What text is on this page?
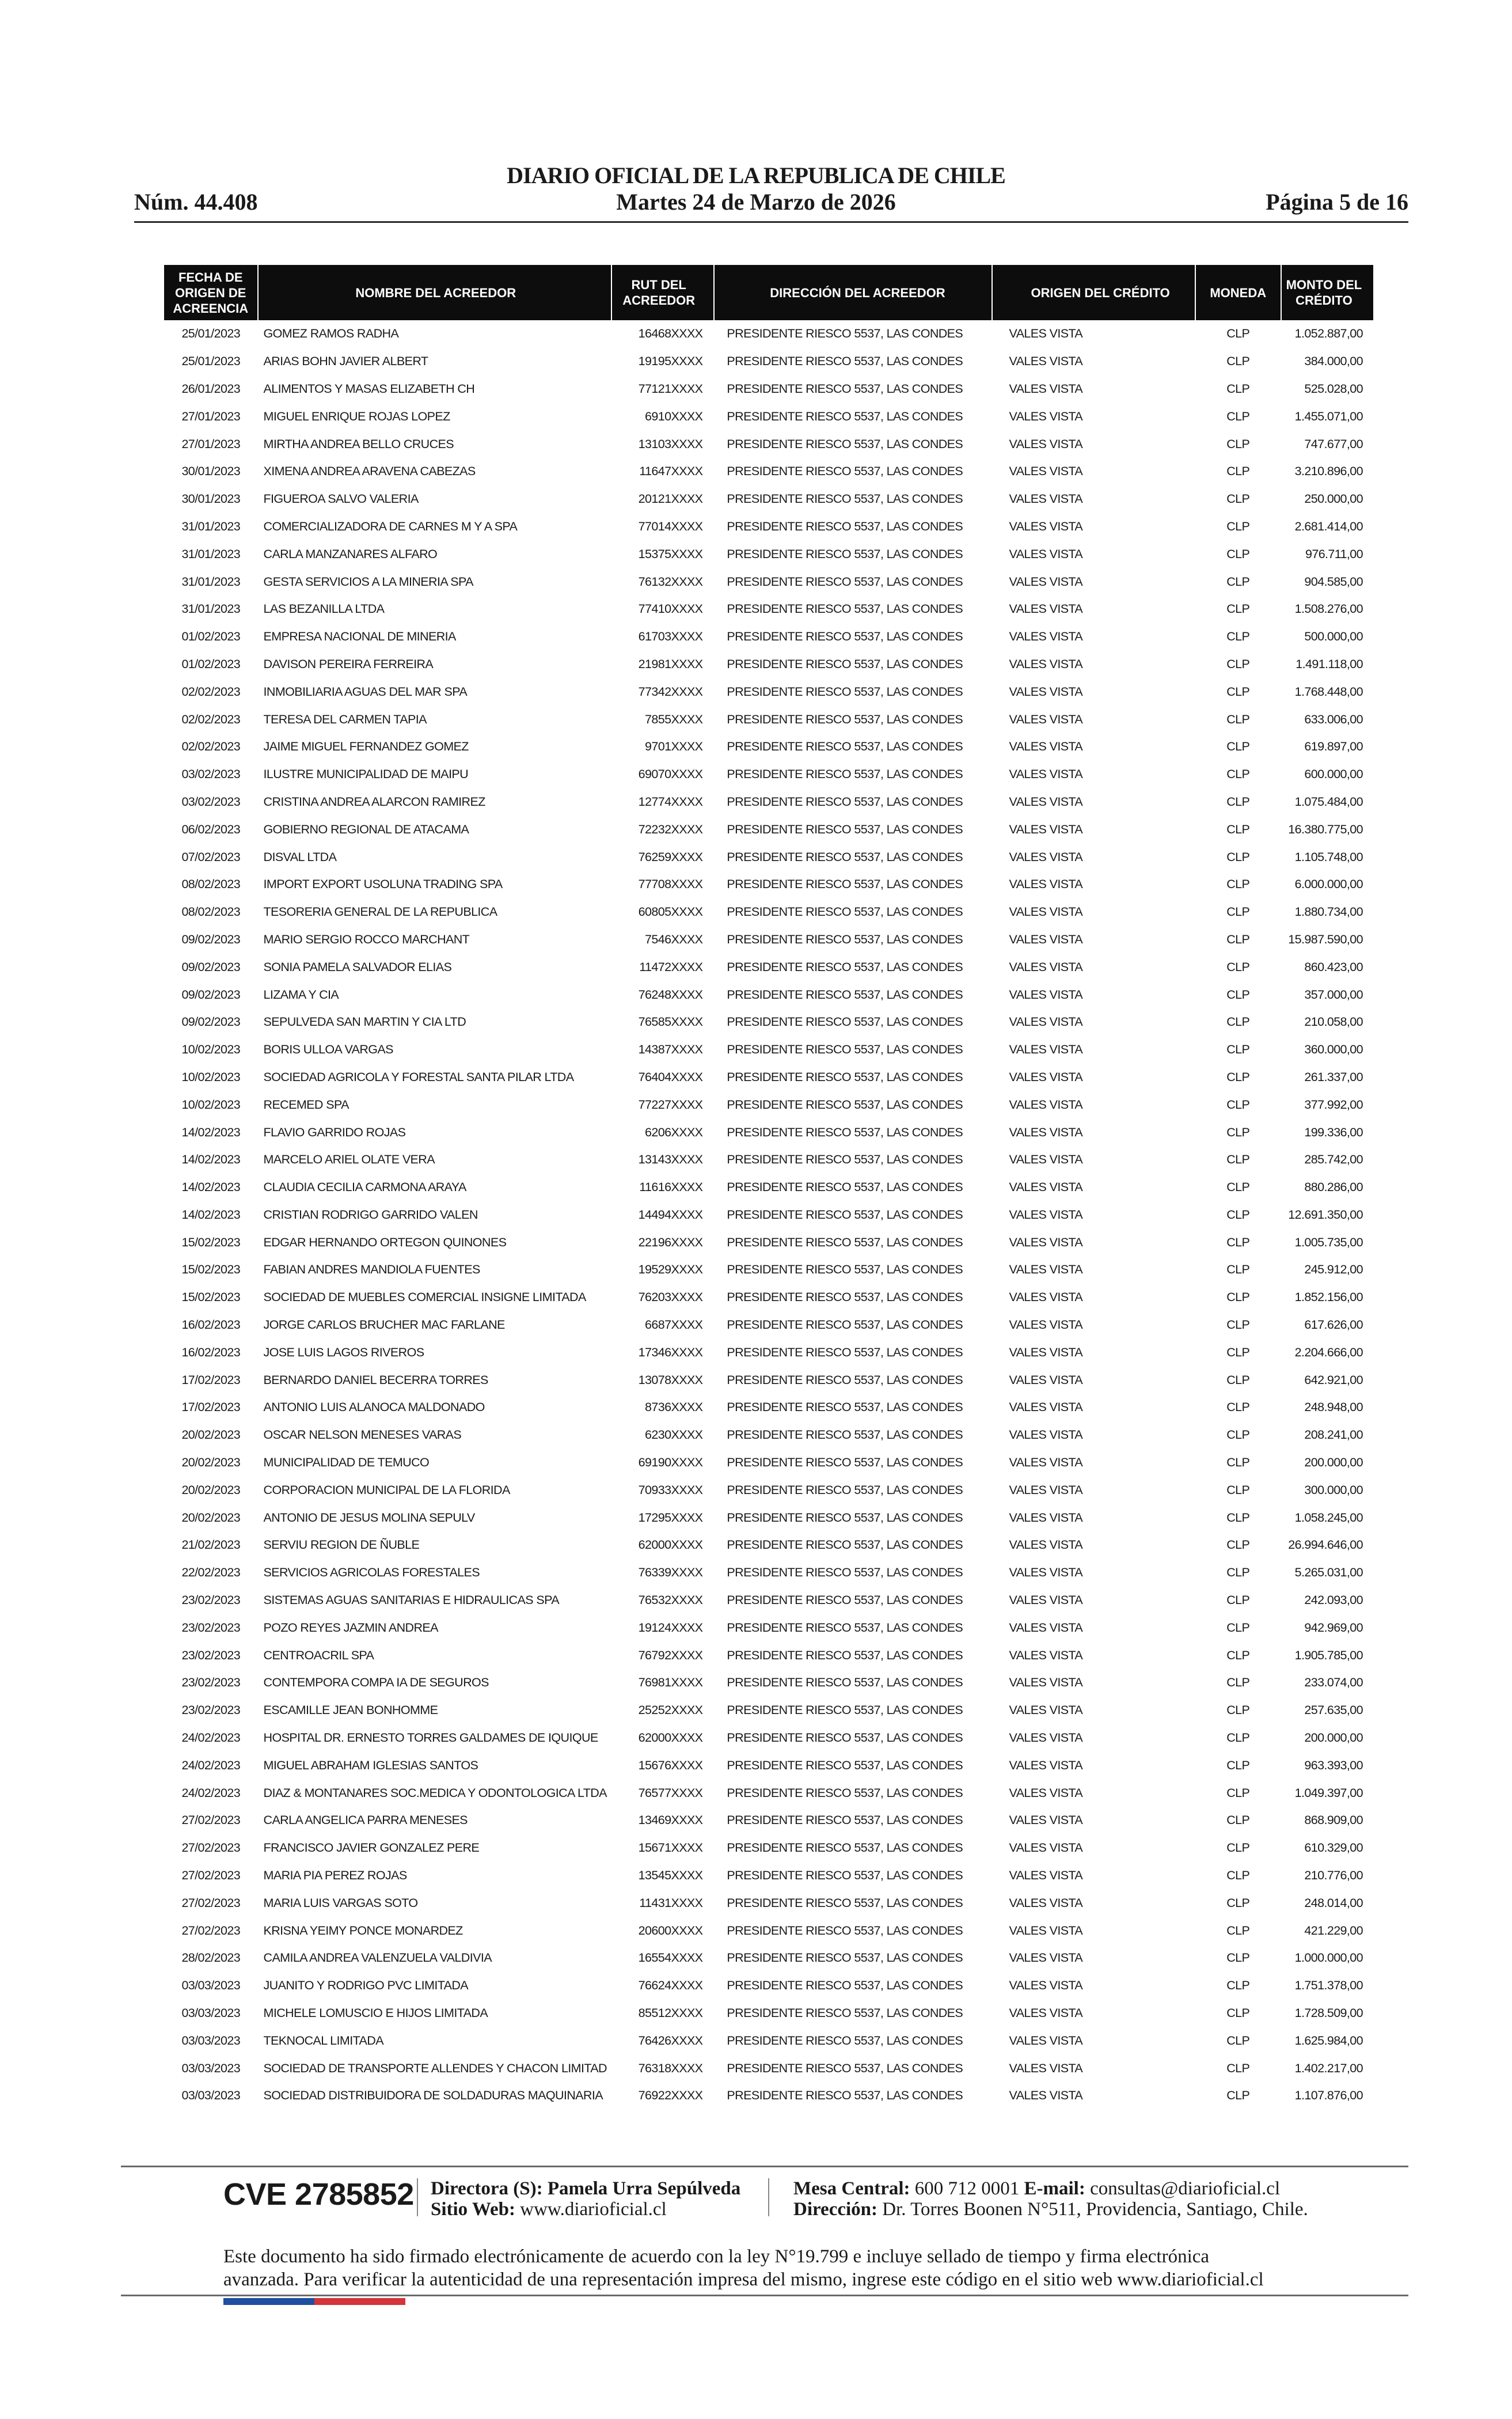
DIARIO OFICIAL DE LA REPUBLICA DE CHILE
Núm. 44.408	Martes 24 de Marzo de 2026	Página 5 de 16
FECHA DE ORIGEN DE ACREENCIA	NOMBRE DEL ACREEDOR	RUT DEL ACREEDOR	DIRECCIÓN DEL ACREEDOR	ORIGEN DEL CRÉDITO	MONEDA	MONTO DEL CRÉDITO
25/01/2023	GOMEZ RAMOS RADHA	16468XXXX	PRESIDENTE RIESCO 5537, LAS CONDES	VALES VISTA	CLP	1.052.887,00
25/01/2023	ARIAS BOHN JAVIER ALBERT	19195XXXX	PRESIDENTE RIESCO 5537, LAS CONDES	VALES VISTA	CLP	384.000,00
26/01/2023	ALIMENTOS Y MASAS ELIZABETH CH	77121XXXX	PRESIDENTE RIESCO 5537, LAS CONDES	VALES VISTA	CLP	525.028,00
27/01/2023	MIGUEL ENRIQUE ROJAS LOPEZ	6910XXXX	PRESIDENTE RIESCO 5537, LAS CONDES	VALES VISTA	CLP	1.455.071,00
27/01/2023	MIRTHA ANDREA BELLO CRUCES	13103XXXX	PRESIDENTE RIESCO 5537, LAS CONDES	VALES VISTA	CLP	747.677,00
30/01/2023	XIMENA ANDREA ARAVENA CABEZAS	11647XXXX	PRESIDENTE RIESCO 5537, LAS CONDES	VALES VISTA	CLP	3.210.896,00
30/01/2023	FIGUEROA SALVO VALERIA	20121XXXX	PRESIDENTE RIESCO 5537, LAS CONDES	VALES VISTA	CLP	250.000,00
31/01/2023	COMERCIALIZADORA DE CARNES M Y A SPA	77014XXXX	PRESIDENTE RIESCO 5537, LAS CONDES	VALES VISTA	CLP	2.681.414,00
31/01/2023	CARLA MANZANARES ALFARO	15375XXXX	PRESIDENTE RIESCO 5537, LAS CONDES	VALES VISTA	CLP	976.711,00
31/01/2023	GESTA SERVICIOS A LA MINERIA SPA	76132XXXX	PRESIDENTE RIESCO 5537, LAS CONDES	VALES VISTA	CLP	904.585,00
31/01/2023	LAS BEZANILLA LTDA	77410XXXX	PRESIDENTE RIESCO 5537, LAS CONDES	VALES VISTA	CLP	1.508.276,00
01/02/2023	EMPRESA NACIONAL DE MINERIA	61703XXXX	PRESIDENTE RIESCO 5537, LAS CONDES	VALES VISTA	CLP	500.000,00
01/02/2023	DAVISON PEREIRA FERREIRA	21981XXXX	PRESIDENTE RIESCO 5537, LAS CONDES	VALES VISTA	CLP	1.491.118,00
02/02/2023	INMOBILIARIA AGUAS DEL MAR SPA	77342XXXX	PRESIDENTE RIESCO 5537, LAS CONDES	VALES VISTA	CLP	1.768.448,00
02/02/2023	TERESA DEL CARMEN TAPIA	7855XXXX	PRESIDENTE RIESCO 5537, LAS CONDES	VALES VISTA	CLP	633.006,00
02/02/2023	JAIME MIGUEL FERNANDEZ GOMEZ	9701XXXX	PRESIDENTE RIESCO 5537, LAS CONDES	VALES VISTA	CLP	619.897,00
03/02/2023	ILUSTRE MUNICIPALIDAD DE MAIPU	69070XXXX	PRESIDENTE RIESCO 5537, LAS CONDES	VALES VISTA	CLP	600.000,00
03/02/2023	CRISTINA ANDREA ALARCON RAMIREZ	12774XXXX	PRESIDENTE RIESCO 5537, LAS CONDES	VALES VISTA	CLP	1.075.484,00
06/02/2023	GOBIERNO REGIONAL DE ATACAMA	72232XXXX	PRESIDENTE RIESCO 5537, LAS CONDES	VALES VISTA	CLP	16.380.775,00
07/02/2023	DISVAL LTDA	76259XXXX	PRESIDENTE RIESCO 5537, LAS CONDES	VALES VISTA	CLP	1.105.748,00
08/02/2023	IMPORT EXPORT USOLUNA TRADING SPA	77708XXXX	PRESIDENTE RIESCO 5537, LAS CONDES	VALES VISTA	CLP	6.000.000,00
08/02/2023	TESORERIA GENERAL DE LA REPUBLICA	60805XXXX	PRESIDENTE RIESCO 5537, LAS CONDES	VALES VISTA	CLP	1.880.734,00
09/02/2023	MARIO SERGIO ROCCO MARCHANT	7546XXXX	PRESIDENTE RIESCO 5537, LAS CONDES	VALES VISTA	CLP	15.987.590,00
09/02/2023	SONIA PAMELA SALVADOR ELIAS	11472XXXX	PRESIDENTE RIESCO 5537, LAS CONDES	VALES VISTA	CLP	860.423,00
09/02/2023	LIZAMA Y CIA	76248XXXX	PRESIDENTE RIESCO 5537, LAS CONDES	VALES VISTA	CLP	357.000,00
09/02/2023	SEPULVEDA SAN MARTIN Y CIA LTD	76585XXXX	PRESIDENTE RIESCO 5537, LAS CONDES	VALES VISTA	CLP	210.058,00
10/02/2023	BORIS ULLOA VARGAS	14387XXXX	PRESIDENTE RIESCO 5537, LAS CONDES	VALES VISTA	CLP	360.000,00
10/02/2023	SOCIEDAD AGRICOLA Y FORESTAL SANTA PILAR LTDA	76404XXXX	PRESIDENTE RIESCO 5537, LAS CONDES	VALES VISTA	CLP	261.337,00
10/02/2023	RECEMED SPA	77227XXXX	PRESIDENTE RIESCO 5537, LAS CONDES	VALES VISTA	CLP	377.992,00
14/02/2023	FLAVIO GARRIDO ROJAS	6206XXXX	PRESIDENTE RIESCO 5537, LAS CONDES	VALES VISTA	CLP	199.336,00
14/02/2023	MARCELO ARIEL OLATE VERA	13143XXXX	PRESIDENTE RIESCO 5537, LAS CONDES	VALES VISTA	CLP	285.742,00
14/02/2023	CLAUDIA CECILIA CARMONA ARAYA	11616XXXX	PRESIDENTE RIESCO 5537, LAS CONDES	VALES VISTA	CLP	880.286,00
14/02/2023	CRISTIAN RODRIGO GARRIDO VALEN	14494XXXX	PRESIDENTE RIESCO 5537, LAS CONDES	VALES VISTA	CLP	12.691.350,00
15/02/2023	EDGAR HERNANDO ORTEGON QUINONES	22196XXXX	PRESIDENTE RIESCO 5537, LAS CONDES	VALES VISTA	CLP	1.005.735,00
15/02/2023	FABIAN ANDRES MANDIOLA FUENTES	19529XXXX	PRESIDENTE RIESCO 5537, LAS CONDES	VALES VISTA	CLP	245.912,00
15/02/2023	SOCIEDAD DE MUEBLES COMERCIAL INSIGNE LIMITADA	76203XXXX	PRESIDENTE RIESCO 5537, LAS CONDES	VALES VISTA	CLP	1.852.156,00
16/02/2023	JORGE CARLOS BRUCHER MAC FARLANE	6687XXXX	PRESIDENTE RIESCO 5537, LAS CONDES	VALES VISTA	CLP	617.626,00
16/02/2023	JOSE LUIS LAGOS RIVEROS	17346XXXX	PRESIDENTE RIESCO 5537, LAS CONDES	VALES VISTA	CLP	2.204.666,00
17/02/2023	BERNARDO DANIEL BECERRA TORRES	13078XXXX	PRESIDENTE RIESCO 5537, LAS CONDES	VALES VISTA	CLP	642.921,00
17/02/2023	ANTONIO LUIS ALANOCA MALDONADO	8736XXXX	PRESIDENTE RIESCO 5537, LAS CONDES	VALES VISTA	CLP	248.948,00
20/02/2023	OSCAR NELSON MENESES VARAS	6230XXXX	PRESIDENTE RIESCO 5537, LAS CONDES	VALES VISTA	CLP	208.241,00
20/02/2023	MUNICIPALIDAD DE TEMUCO	69190XXXX	PRESIDENTE RIESCO 5537, LAS CONDES	VALES VISTA	CLP	200.000,00
20/02/2023	CORPORACION MUNICIPAL DE LA FLORIDA	70933XXXX	PRESIDENTE RIESCO 5537, LAS CONDES	VALES VISTA	CLP	300.000,00
20/02/2023	ANTONIO DE JESUS MOLINA SEPULV	17295XXXX	PRESIDENTE RIESCO 5537, LAS CONDES	VALES VISTA	CLP	1.058.245,00
21/02/2023	SERVIU REGION DE ÑUBLE	62000XXXX	PRESIDENTE RIESCO 5537, LAS CONDES	VALES VISTA	CLP	26.994.646,00
22/02/2023	SERVICIOS AGRICOLAS FORESTALES	76339XXXX	PRESIDENTE RIESCO 5537, LAS CONDES	VALES VISTA	CLP	5.265.031,00
23/02/2023	SISTEMAS AGUAS SANITARIAS E HIDRAULICAS SPA	76532XXXX	PRESIDENTE RIESCO 5537, LAS CONDES	VALES VISTA	CLP	242.093,00
23/02/2023	POZO REYES JAZMIN ANDREA	19124XXXX	PRESIDENTE RIESCO 5537, LAS CONDES	VALES VISTA	CLP	942.969,00
23/02/2023	CENTROACRIL SPA	76792XXXX	PRESIDENTE RIESCO 5537, LAS CONDES	VALES VISTA	CLP	1.905.785,00
23/02/2023	CONTEMPORA COMPA IA DE SEGUROS	76981XXXX	PRESIDENTE RIESCO 5537, LAS CONDES	VALES VISTA	CLP	233.074,00
23/02/2023	ESCAMILLE JEAN BONHOMME	25252XXXX	PRESIDENTE RIESCO 5537, LAS CONDES	VALES VISTA	CLP	257.635,00
24/02/2023	HOSPITAL DR. ERNESTO TORRES GALDAMES DE IQUIQUE	62000XXXX	PRESIDENTE RIESCO 5537, LAS CONDES	VALES VISTA	CLP	200.000,00
24/02/2023	MIGUEL ABRAHAM IGLESIAS SANTOS	15676XXXX	PRESIDENTE RIESCO 5537, LAS CONDES	VALES VISTA	CLP	963.393,00
24/02/2023	DIAZ & MONTANARES SOC.MEDICA Y ODONTOLOGICA LTDA	76577XXXX	PRESIDENTE RIESCO 5537, LAS CONDES	VALES VISTA	CLP	1.049.397,00
27/02/2023	CARLA ANGELICA PARRA MENESES	13469XXXX	PRESIDENTE RIESCO 5537, LAS CONDES	VALES VISTA	CLP	868.909,00
27/02/2023	FRANCISCO JAVIER GONZALEZ PERE	15671XXXX	PRESIDENTE RIESCO 5537, LAS CONDES	VALES VISTA	CLP	610.329,00
27/02/2023	MARIA PIA PEREZ ROJAS	13545XXXX	PRESIDENTE RIESCO 5537, LAS CONDES	VALES VISTA	CLP	210.776,00
27/02/2023	MARIA LUIS VARGAS SOTO	11431XXXX	PRESIDENTE RIESCO 5537, LAS CONDES	VALES VISTA	CLP	248.014,00
27/02/2023	KRISNA YEIMY PONCE MONARDEZ	20600XXXX	PRESIDENTE RIESCO 5537, LAS CONDES	VALES VISTA	CLP	421.229,00
28/02/2023	CAMILA ANDREA VALENZUELA VALDIVIA	16554XXXX	PRESIDENTE RIESCO 5537, LAS CONDES	VALES VISTA	CLP	1.000.000,00
03/03/2023	JUANITO Y RODRIGO PVC LIMITADA	76624XXXX	PRESIDENTE RIESCO 5537, LAS CONDES	VALES VISTA	CLP	1.751.378,00
03/03/2023	MICHELE LOMUSCIO E HIJOS LIMITADA	85512XXXX	PRESIDENTE RIESCO 5537, LAS CONDES	VALES VISTA	CLP	1.728.509,00
03/03/2023	TEKNOCAL LIMITADA	76426XXXX	PRESIDENTE RIESCO 5537, LAS CONDES	VALES VISTA	CLP	1.625.984,00
03/03/2023	SOCIEDAD DE TRANSPORTE ALLENDES Y CHACON LIMITAD	76318XXXX	PRESIDENTE RIESCO 5537, LAS CONDES	VALES VISTA	CLP	1.402.217,00
03/03/2023	SOCIEDAD DISTRIBUIDORA DE SOLDADURAS MAQUINARIA	76922XXXX	PRESIDENTE RIESCO 5537, LAS CONDES	VALES VISTA	CLP	1.107.876,00
CVE 2785852 Directora (S): Pamela Urra Sepúlveda
Sitio Web: www.diarioficial.cl
Mesa Central: 600 712 0001 E-mail: consultas@diarioficial.cl
Dirección: Dr. Torres Boonen N°511, Providencia, Santiago, Chile.
Este documento ha sido firmado electrónicamente de acuerdo con la ley N°19.799 e incluye sellado de tiempo y firma electrónica
avanzada. Para verificar la autenticidad de una representación impresa del mismo, ingrese este código en el sitio web www.diarioficial.cl
